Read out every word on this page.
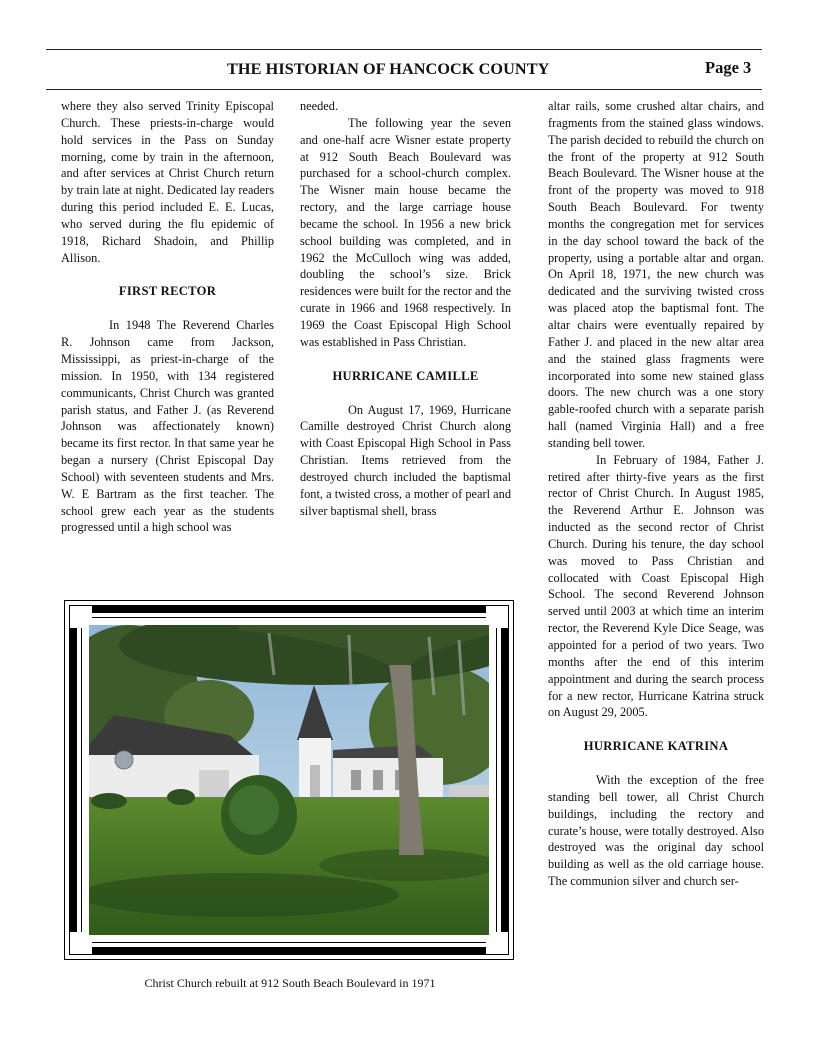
THE HISTORIAN OF HANCOCK COUNTY	Page 3

where they also served Trinity Episcopal Church. These priests-in-charge would hold services in the Pass on Sunday morning, come by train in the afternoon, and after services at Christ Church return by train late at night. Dedicated lay readers during this period included E. E. Lucas, who served during the flu epidemic of 1918, Richard Shadoin, and Phillip Allison.

FIRST RECTOR

In 1948 The Reverend Charles R. Johnson came from Jackson, Mississippi, as priest-in-charge of the mission. In 1950, with 134 registered communicants, Christ Church was granted parish status, and Father J. (as Reverend Johnson was affectionately known) became its first rector. In that same year he began a nursery (Christ Episcopal Day School) with seventeen students and Mrs. W. E Bartram as the first teacher. The school grew each year as the students progressed until a high school was

needed.

The following year the seven and one-half acre Wisner estate property at 912 South Beach Boulevard was purchased for a school-church complex. The Wisner main house became the rectory, and the large carriage house became the school. In 1956 a new brick school building was completed, and in 1962 the McCulloch wing was added, doubling the school’s size. Brick residences were built for the rector and the curate in 1966 and 1968 respectively. In 1969 the Coast Episcopal High School was established in Pass Christian.

HURRICANE CAMILLE

On August 17, 1969, Hurricane Camille destroyed Christ Church along with Coast Episcopal High School in Pass Christian. Items retrieved from the destroyed church included the baptismal font, a twisted cross, a mother of pearl and silver baptismal shell, brass

altar rails, some crushed altar chairs, and fragments from the stained glass windows. The parish decided to rebuild the church on the front of the property at 912 South Beach Boulevard. The Wisner house at the front of the property was moved to 918 South Beach Boulevard. For twenty months the congregation met for services in the day school toward the back of the property, using a portable altar and organ. On April 18, 1971, the new church was dedicated and the surviving twisted cross was placed atop the baptismal font. The altar chairs were eventually repaired by Father J. and placed in the new altar area and the stained glass fragments were incorporated into some new stained glass doors. The new church was a one story gable-roofed church with a separate parish hall (named Virginia Hall) and a free standing bell tower.

In February of 1984, Father J. retired after thirty-five years as the first rector of Christ Church. In August 1985, the Reverend Arthur E. Johnson was inducted as the second rector of Christ Church. During his tenure, the day school was moved to Pass Christian and collocated with Coast Episcopal High School. The second Reverend Johnson served until 2003 at which time an interim rector, the Reverend Kyle Dice Seage, was appointed for a period of two years. Two months after the end of this interim appointment and during the search process for a new rector, Hurricane Katrina struck on August 29, 2005.

HURRICANE KATRINA

With the exception of the free standing bell tower, all Christ Church buildings, including the rectory and curate’s house, were totally destroyed. Also destroyed was the original day school building as well as the old carriage house. The communion silver and church ser-

Christ Church rebuilt at 912 South Beach Boulevard in 1971
